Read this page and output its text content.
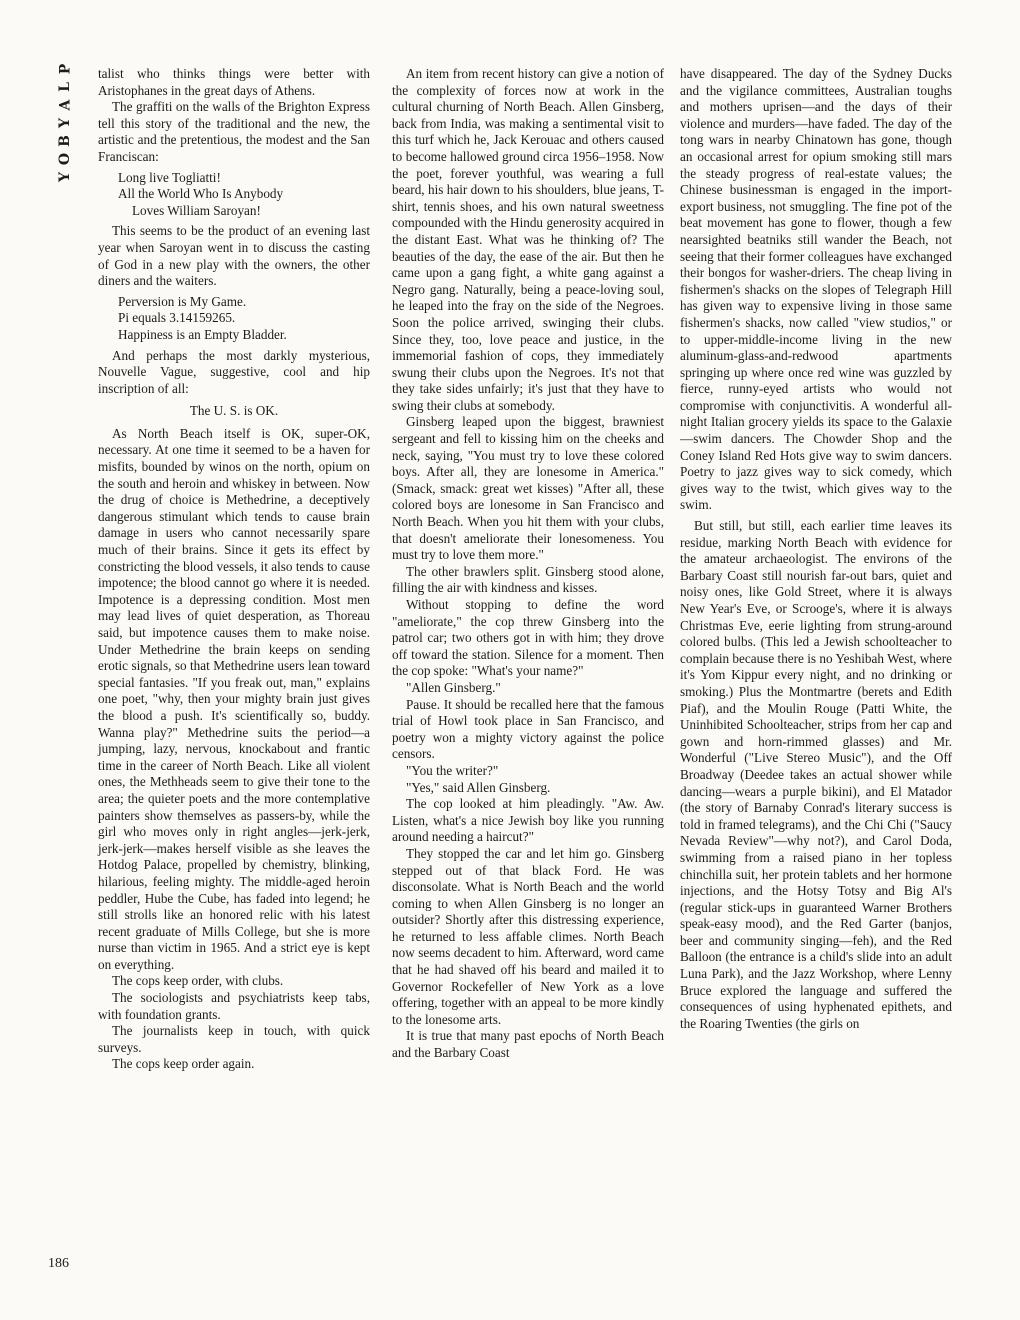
P
L
A
Y
B
O
Y

talist who thinks things were better with Aristophanes in the great days of Athens.

The graffiti on the walls of the Brighton Express tell this story of the traditional and the new, the artistic and the pretentious, the modest and the San Franciscan:

Long live Togliatti!

All the World Who Is Anybody

Loves William Saroyan!

This seems to be the product of an evening last year when Saroyan went in to discuss the casting of God in a new play with the owners, the other diners and the waiters.

Perversion is My Game.

Pi equals 3.14159265.

Happiness is an Empty Bladder.

And perhaps the most darkly mysterious, Nouvelle Vague, suggestive, cool and hip inscription of all:

The U. S. is OK.

As North Beach itself is OK, super-OK, necessary. At one time it seemed to be a haven for misfits, bounded by winos on the north, opium on the south and heroin and whiskey in between. Now the drug of choice is Methedrine, a deceptively dangerous stimulant which tends to cause brain damage in users who cannot necessarily spare much of their brains. Since it gets its effect by constricting the blood vessels, it also tends to cause impotence; the blood cannot go where it is needed. Impotence is a depressing condition. Most men may lead lives of quiet desperation, as Thoreau said, but impotence causes them to make noise. Under Methedrine the brain keeps on sending erotic signals, so that Methedrine users lean toward special fantasies. "If you freak out, man," explains one poet, "why, then your mighty brain just gives the blood a push. It's scientifically so, buddy. Wanna play?" Methedrine suits the period—a jumping, lazy, nervous, knockabout and frantic time in the career of North Beach. Like all violent ones, the Methheads seem to give their tone to the area; the quieter poets and the more contemplative painters show themselves as passers-by, while the girl who moves only in right angles—jerk-jerk, jerk-jerk—makes herself visible as she leaves the Hotdog Palace, propelled by chemistry, blinking, hilarious, feeling mighty. The middle-aged heroin peddler, Hube the Cube, has faded into legend; he still strolls like an honored relic with his latest recent graduate of Mills College, but she is more nurse than victim in 1965. And a strict eye is kept on everything.

The cops keep order, with clubs.

The sociologists and psychiatrists keep tabs, with foundation grants.

The journalists keep in touch, with quick surveys.

The cops keep order again.

An item from recent history can give a notion of the complexity of forces now at work in the cultural churning of North Beach. Allen Ginsberg, back from India, was making a sentimental visit to this turf which he, Jack Kerouac and others caused to become hallowed ground circa 1956–1958. Now the poet, forever youthful, was wearing a full beard, his hair down to his shoulders, blue jeans, T-shirt, tennis shoes, and his own natural sweetness compounded with the Hindu generosity acquired in the distant East. What was he thinking of? The beauties of the day, the ease of the air. But then he came upon a gang fight, a white gang against a Negro gang. Naturally, being a peace-loving soul, he leaped into the fray on the side of the Negroes. Soon the police arrived, swinging their clubs. Since they, too, love peace and justice, in the immemorial fashion of cops, they immediately swung their clubs upon the Negroes. It's not that they take sides unfairly; it's just that they have to swing their clubs at somebody.

Ginsberg leaped upon the biggest, brawniest sergeant and fell to kissing him on the cheeks and neck, saying, "You must try to love these colored boys. After all, they are lonesome in America." (Smack, smack: great wet kisses) "After all, these colored boys are lonesome in San Francisco and North Beach. When you hit them with your clubs, that doesn't ameliorate their lonesomeness. You must try to love them more."

The other brawlers split. Ginsberg stood alone, filling the air with kindness and kisses.

Without stopping to define the word "ameliorate," the cop threw Ginsberg into the patrol car; two others got in with him; they drove off toward the station. Silence for a moment. Then the cop spoke: "What's your name?"

"Allen Ginsberg."

Pause. It should be recalled here that the famous trial of Howl took place in San Francisco, and poetry won a mighty victory against the police censors.

"You the writer?"

"Yes," said Allen Ginsberg.

The cop looked at him pleadingly. "Aw. Aw. Listen, what's a nice Jewish boy like you running around needing a haircut?"

They stopped the car and let him go. Ginsberg stepped out of that black Ford. He was disconsolate. What is North Beach and the world coming to when Allen Ginsberg is no longer an outsider? Shortly after this distressing experience, he returned to less affable climes. North Beach now seems decadent to him. Afterward, word came that he had shaved off his beard and mailed it to Governor Rockefeller of New York as a love offering, together with an appeal to be more kindly to the lonesome arts.

It is true that many past epochs of North Beach and the Barbary Coast

have disappeared. The day of the Sydney Ducks and the vigilance committees, Australian toughs and mothers uprisen—and the days of their violence and murders—have faded. The day of the tong wars in nearby Chinatown has gone, though an occasional arrest for opium smoking still mars the steady progress of real-estate values; the Chinese businessman is engaged in the import-export business, not smuggling. The fine pot of the beat movement has gone to flower, though a few nearsighted beatniks still wander the Beach, not seeing that their former colleagues have exchanged their bongos for washer-driers. The cheap living in fishermen's shacks on the slopes of Telegraph Hill has given way to expensive living in those same fishermen's shacks, now called "view studios," or to upper-middle-income living in the new aluminum-glass-and-redwood apartments springing up where once red wine was guzzled by fierce, runny-eyed artists who would not compromise with conjunctivitis. A wonderful all-night Italian grocery yields its space to the Galaxie—swim dancers. The Chowder Shop and the Coney Island Red Hots give way to swim dancers. Poetry to jazz gives way to sick comedy, which gives way to the twist, which gives way to the swim.

But still, but still, each earlier time leaves its residue, marking North Beach with evidence for the amateur archaeologist. The environs of the Barbary Coast still nourish far-out bars, quiet and noisy ones, like Gold Street, where it is always New Year's Eve, or Scrooge's, where it is always Christmas Eve, eerie lighting from strung-around colored bulbs. (This led a Jewish schoolteacher to complain because there is no Yeshibah West, where it's Yom Kippur every night, and no drinking or smoking.) Plus the Montmartre (berets and Edith Piaf), and the Moulin Rouge (Patti White, the Uninhibited Schoolteacher, strips from her cap and gown and horn-rimmed glasses) and Mr. Wonderful ("Live Stereo Music"), and the Off Broadway (Deedee takes an actual shower while dancing—wears a purple bikini), and El Matador (the story of Barnaby Conrad's literary success is told in framed telegrams), and the Chi Chi ("Saucy Nevada Review"—why not?), and Carol Doda, swimming from a raised piano in her topless chinchilla suit, her protein tablets and her hormone injections, and the Hotsy Totsy and Big Al's (regular stick-ups in guaranteed Warner Brothers speak-easy mood), and the Red Garter (banjos, beer and community singing—feh), and the Red Balloon (the entrance is a child's slide into an adult Luna Park), and the Jazz Workshop, where Lenny Bruce explored the language and suffered the consequences of using hyphenated epithets, and the Roaring Twenties (the girls on

186
